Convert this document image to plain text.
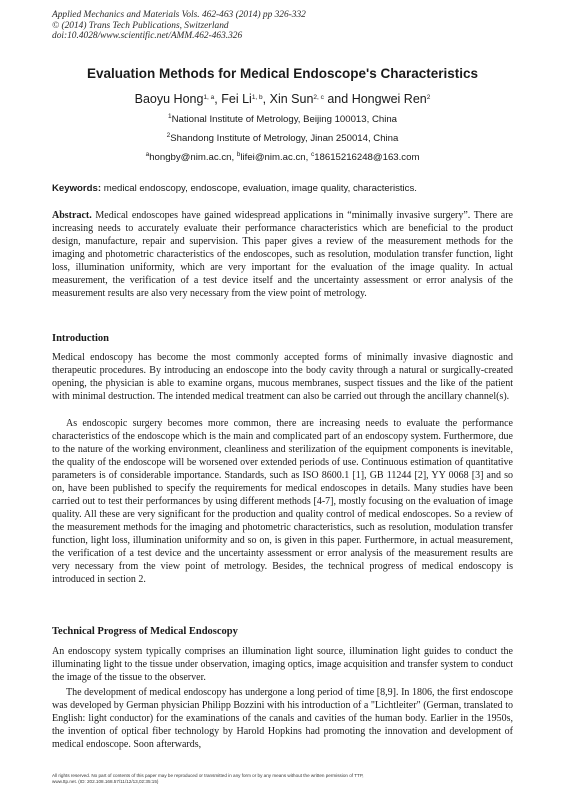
Applied Mechanics and Materials Vols. 462-463 (2014) pp 326-332
© (2014) Trans Tech Publications, Switzerland
doi:10.4028/www.scientific.net/AMM.462-463.326
Evaluation Methods for Medical Endoscope's Characteristics
Baoyu Hong$^{1, a}$, Fei Li$^{1, b}$, Xin Sun$^{2, c}$ and Hongwei Ren$^2$
$^1$National Institute of Metrology, Beijing 100013, China
$^2$Shandong Institute of Metrology, Jinan 250014, China
$^a$hongby@nim.ac.cn, $^b$lifei@nim.ac.cn, $^c$18615216248@163.com
Keywords: medical endoscopy, endoscope, evaluation, image quality, characteristics.

Abstract. Medical endoscopes have gained widespread applications in “minimally invasive surgery”. There are increasing needs to accurately evaluate their performance characteristics which are beneficial to the product design, manufacture, repair and supervision. This paper gives a review of the measurement methods for the imaging and photometric characteristics of the endoscopes, such as resolution, modulation transfer function, light loss, illumination uniformity, which are very important for the evaluation of the image quality. In actual measurement, the verification of a test device itself and the uncertainty assessment or error analysis of the measurement results are also very necessary from the view point of metrology.

Introduction

Medical endoscopy has become the most commonly accepted forms of minimally invasive diagnostic and therapeutic procedures. By introducing an endoscope into the body cavity through a natural or surgically-created opening, the physician is able to examine organs, mucous membranes, suspect tissues and the like of the patient with minimal destruction. The intended medical treatment can also be carried out through the ancillary channel(s).

As endoscopic surgery becomes more common, there are increasing needs to evaluate the performance characteristics of the endoscope which is the main and complicated part of an endoscopy system. Furthermore, due to the nature of the working environment, cleanliness and sterilization of the equipment components is inevitable, the quality of the endoscope will be worsened over extended periods of use. Continuous estimation of quantitative parameters is of considerable importance. Standards, such as ISO 8600.1 [1], GB 11244 [2], YY 0068 [3] and so on, have been published to specify the requirements for medical endoscopes in details. Many studies have been carried out to test their performances by using different methods [4-7], mostly focusing on the evaluation of image quality. All these are very significant for the production and quality control of medical endoscopes. So a review of the measurement methods for the imaging and photometric characteristics, such as resolution, modulation transfer function, light loss, illumination uniformity and so on, is given in this paper. Furthermore, in actual measurement, the verification of a test device and the uncertainty assessment or error analysis of the measurement results are very necessary from the view point of metrology. Besides, the technical progress of medical endoscopy is introduced in section 2.

Technical Progress of Medical Endoscopy

An endoscopy system typically comprises an illumination light source, illumination light guides to conduct the illuminating light to the tissue under observation, imaging optics, image acquisition and transfer system to conduct the image of the tissue to the observer.

The development of medical endoscopy has undergone a long period of time [8,9]. In 1806, the first endoscope was developed by German physician Philipp Bozzini with his introduction of a "Lichtleiter" (German, translated to English: light conductor) for the examinations of the canals and cavities of the human body. Earlier in the 1950s, the invention of optical fiber technology by Harold Hopkins had promoting the innovation and development of medical endoscope. Soon afterwards,

All rights reserved. No part of contents of this paper may be reproduced or transmitted in any form or by any means without the written permission of TTP,
www.ttp.net. (ID: 202.108.168.57/11/12/13,02:35:15)
